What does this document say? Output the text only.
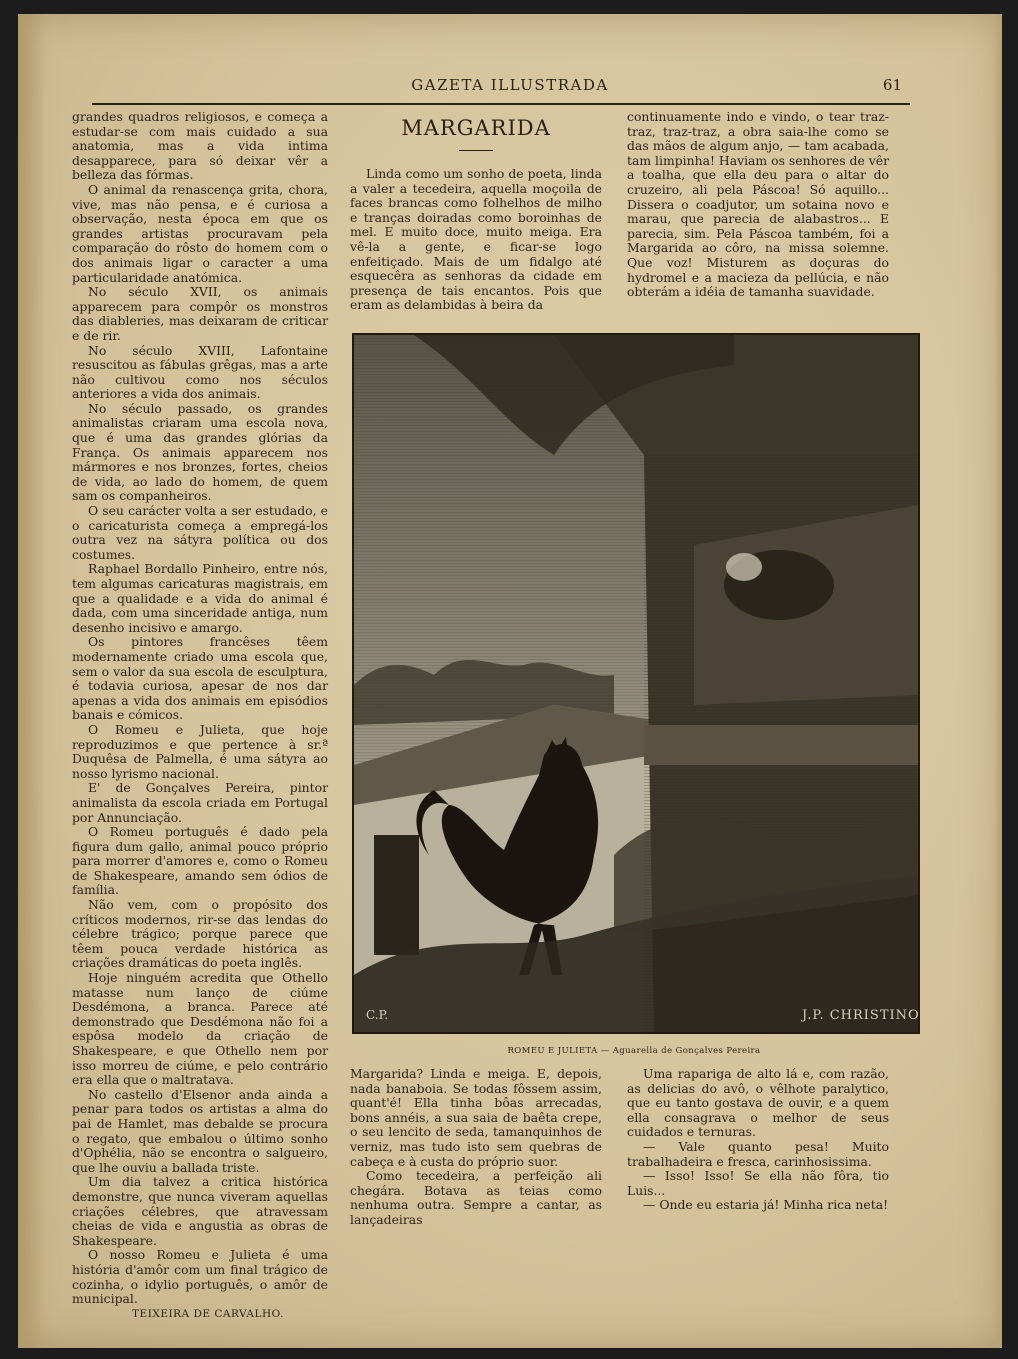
GAZETA ILLUSTRADA	61

grandes quadros religiosos, e começa a estudar-se com mais cuidado a sua anatomia, mas a vida intima desapparece, para só deixar vêr a belleza das fórmas.

O animal da renascença grita, chora, vive, mas não pensa, e é curiosa a observação, nesta época em que os grandes artistas procuravam pela comparação do rôsto do homem com o dos animais ligar o caracter a uma particularidade anatómica.

No século XVII, os animais apparecem para compôr os monstros das diableries, mas deixaram de criticar e de rir.

No século XVIII, Lafontaine resuscitou as fábulas grêgas, mas a arte não cultivou como nos séculos anteriores a vida dos animais.

No século passado, os grandes animalistas criaram uma escola nova, que é uma das grandes glórias da França. Os animais apparecem nos mármores e nos bronzes, fortes, cheios de vida, ao lado do homem, de quem sam os companheiros.

O seu carácter volta a ser estudado, e o caricaturista começa a empregá-los outra vez na sátyra política ou dos costumes.

Raphael Bordallo Pinheiro, entre nós, tem algumas caricaturas magistrais, em que a qualidade e a vida do animal é dada, com uma sinceridade antiga, num desenho incisivo e amargo.

Os pintores francêses têem modernamente criado uma escola que, sem o valor da sua escola de esculptura, é todavia curiosa, apesar de nos dar apenas a vida dos animais em episódios banais e cómicos.

O Romeu e Julieta, que hoje reproduzimos e que pertence à sr.ª Duquêsa de Palmella, é uma sátyra ao nosso lyrismo nacional.

E' de Gonçalves Pereira, pintor animalista da escola criada em Portugal por Annunciação.

O Romeu português é dado pela figura dum gallo, animal pouco próprio para morrer d'amores e, como o Romeu de Shakespeare, amando sem ódios de família.

Não vem, com o propósito dos críticos modernos, rir-se das lendas do célebre trágico; porque parece que têem pouca verdade histórica as criações dramáticas do poeta inglês.

Hoje ninguém acredita que Othello matasse num lanço de ciúme Desdémona, a branca. Parece até demonstrado que Desdémona não foi a espôsa modelo da criação de Shakespeare, e que Othello nem por isso morreu de ciúme, e pelo contrário era ella que o maltratava.

No castello d'Elsenor anda ainda a penar para todos os artistas a alma do pai de Hamlet, mas debalde se procura o regato, que embalou o último sonho d'Ophélia, não se encontra o salgueiro, que lhe ouviu a ballada triste.

Um dia talvez a critica histórica demonstre, que nunca viveram aquellas criações célebres, que atravessam cheias de vida e angustia as obras de Shakespeare.

O nosso Romeu e Julieta é uma história d'amôr com um final trágico de cozinha, o idylio português, o amôr de municipal.

TEIXEIRA DE CARVALHO.

MARGARIDA

Linda como um sonho de poeta, linda a valer a tecedeira, aquella moçoila de faces brancas como folhelhos de milho e tranças doiradas como boroinhas de mel. E muito doce, muito meiga. Era vê-la a gente, e ficar-se logo enfeitiçado. Mais de um fidalgo até esquecêra as senhoras da cidade em presença de tais encantos. Pois que eram as delambidas à beira da

continuamente indo e vindo, o tear traz-traz, traz-traz, a obra saia-lhe como se das mãos de algum anjo, — tam acabada, tam limpinha! Haviam os senhores de vêr a toalha, que ella deu para o altar do cruzeiro, ali pela Páscoa! Só aquillo... Dissera o coadjutor, um sotaina novo e marau, que parecia de alabastros... E parecia, sim. Pela Páscoa também, foi a Margarida ao côro, na missa solemne. Que voz! Misturem as doçuras do hydromel e a macieza da pellúcia, e não obterám a idéia de tamanha suavidade.

C.P.	J.P. CHRISTINO
ROMEU E JULIETA — Aguarella de Gonçalves Pereira

Margarida? Linda e meiga. E, depois, nada banaboia. Se todas fôssem assim, quant'é! Ella tinha bôas arrecadas, bons annéis, a sua saia de baêta crepe, o seu lencito de seda, tamanquinhos de verniz, mas tudo isto sem quebras de cabeça e à custa do próprio suor.

Como tecedeira, a perfeição ali chegára. Botava as teias como nenhuma outra. Sempre a cantar, as lançadeiras

Uma rapariga de alto lá e, com razão, as delicias do avô, o vêlhote paralytico, que eu tanto gostava de ouvir, e a quem ella consagrava o melhor de seus cuidados e ternuras.

— Vale quanto pesa! Muito trabalhadeira e fresca, carinhosissima.

— Isso! Isso! Se ella não fôra, tio Luis...

— Onde eu estaria já! Minha rica neta!
